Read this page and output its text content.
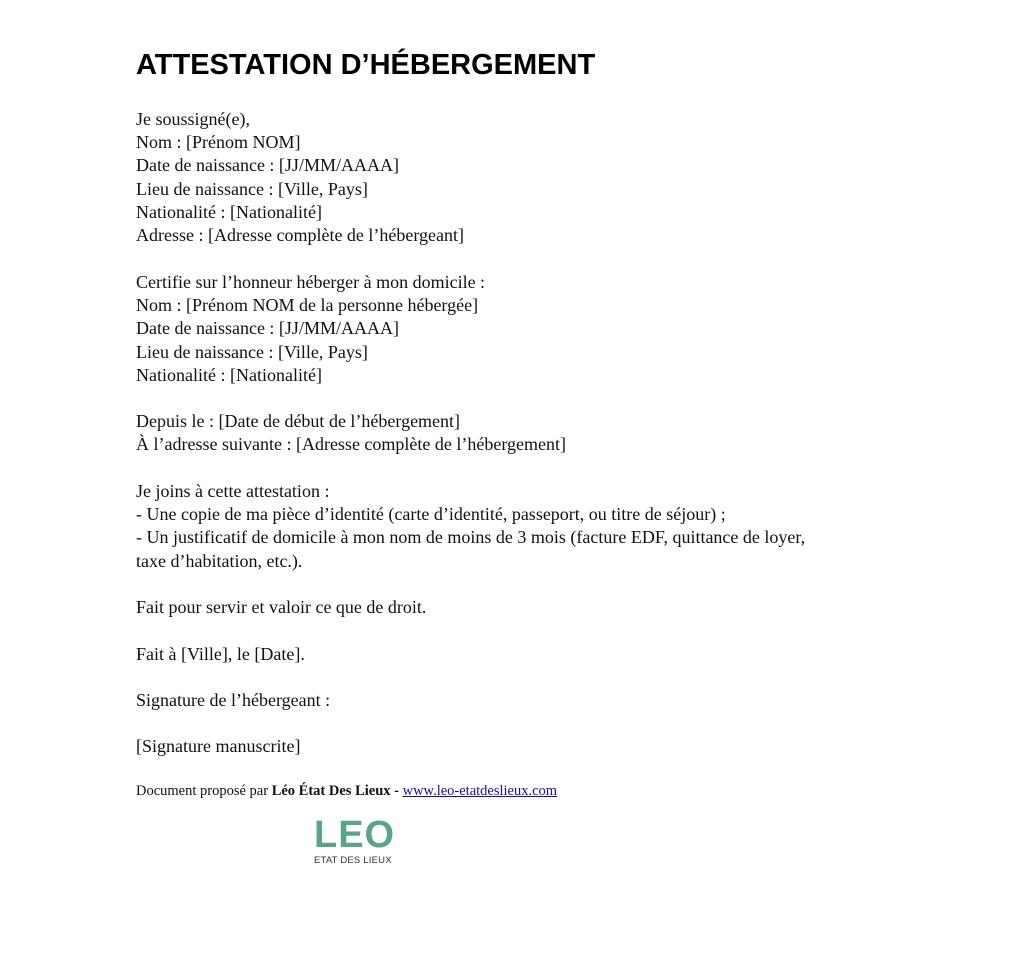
ATTESTATION D’HÉBERGEMENT
Je soussigné(e),
Nom : [Prénom NOM]
Date de naissance : [JJ/MM/AAAA]
Lieu de naissance : [Ville, Pays]
Nationalité : [Nationalité]
Adresse : [Adresse complète de l’hébergeant]
Certifie sur l’honneur héberger à mon domicile :
Nom : [Prénom NOM de la personne hébergée]
Date de naissance : [JJ/MM/AAAA]
Lieu de naissance : [Ville, Pays]
Nationalité : [Nationalité]
Depuis le : [Date de début de l’hébergement]
À l’adresse suivante : [Adresse complète de l’hébergement]
Je joins à cette attestation :
- Une copie de ma pièce d’identité (carte d’identité, passeport, ou titre de séjour) ;
- Un justificatif de domicile à mon nom de moins de 3 mois (facture EDF, quittance de loyer, taxe d’habitation, etc.).
Fait pour servir et valoir ce que de droit.
Fait à [Ville], le [Date].
Signature de l’hébergeant :
[Signature manuscrite]
Document proposé par Léo État Des Lieux - www.leo-etatdeslieux.com
LEO
ETAT DES LIEUX
